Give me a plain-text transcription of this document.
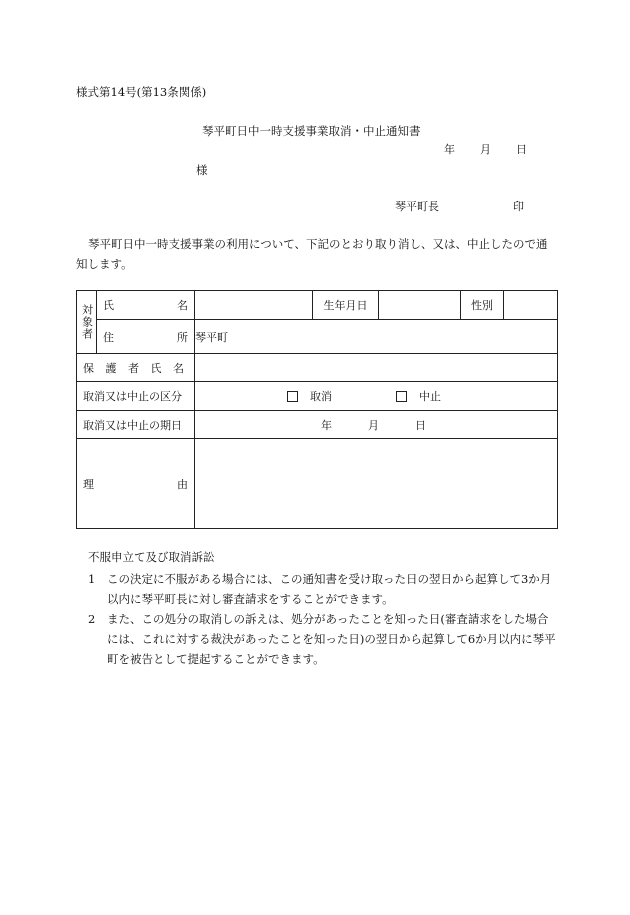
様式第14号(第13条関係)
琴平町日中一時支援事業取消・中止通知書
年 月 日
様
琴平町長	印

琴平町日中一時支援事業の利用について、下記のとおり取り消し、又は、中止したので通知します。

対象者	氏 名		生年月日		性別	

	住 所	琴平町				

保 護 者 氏 名						

取消又は中止の区分		取消 中止				

取消又は中止の期日		年 月 日				

理 由						

不服申立て及び取消訴訟
1	この決定に不服がある場合には、この通知書を受け取った日の翌日から起算して3か月以内に琴平町長に対し審査請求をすることができます。
2	また、この処分の取消しの訴えは、処分があったことを知った日(審査請求をした場合には、これに対する裁決があったことを知った日)の翌日から起算して6か月以内に琴平町を被告として提起することができます。
